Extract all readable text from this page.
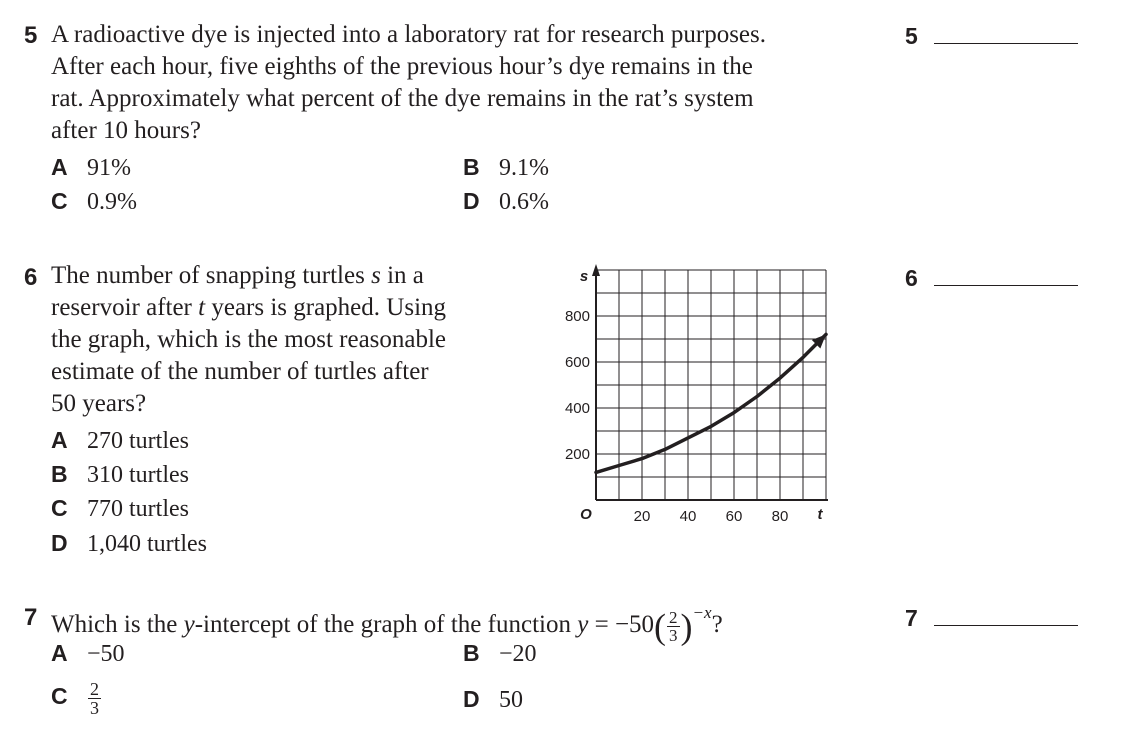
5 A radioactive dye is injected into a laboratory rat for research purposes.
After each hour, five eighths of the previous hour’s dye remains in the
rat. Approximately what percent of the dye remains in the rat’s system
after 10 hours?
A 91%	B 9.1%
C 0.9%	D 0.6%
5
6 The number of snapping turtles s in a
reservoir after t years is graphed. Using
the graph, which is the most reasonable
estimate of the number of turtles after
50 years?
A 270 turtles
B 310 turtles
C 770 turtles
D 1,040 turtles
6
20 40 60 80
200
400
600
800
O	t
s
7 Which is the y-intercept of the graph of the function $y = -50( \frac{2}{3} )^{-x}$?
A −50	B −20
C $\frac{2}{3}$	D 50
7
